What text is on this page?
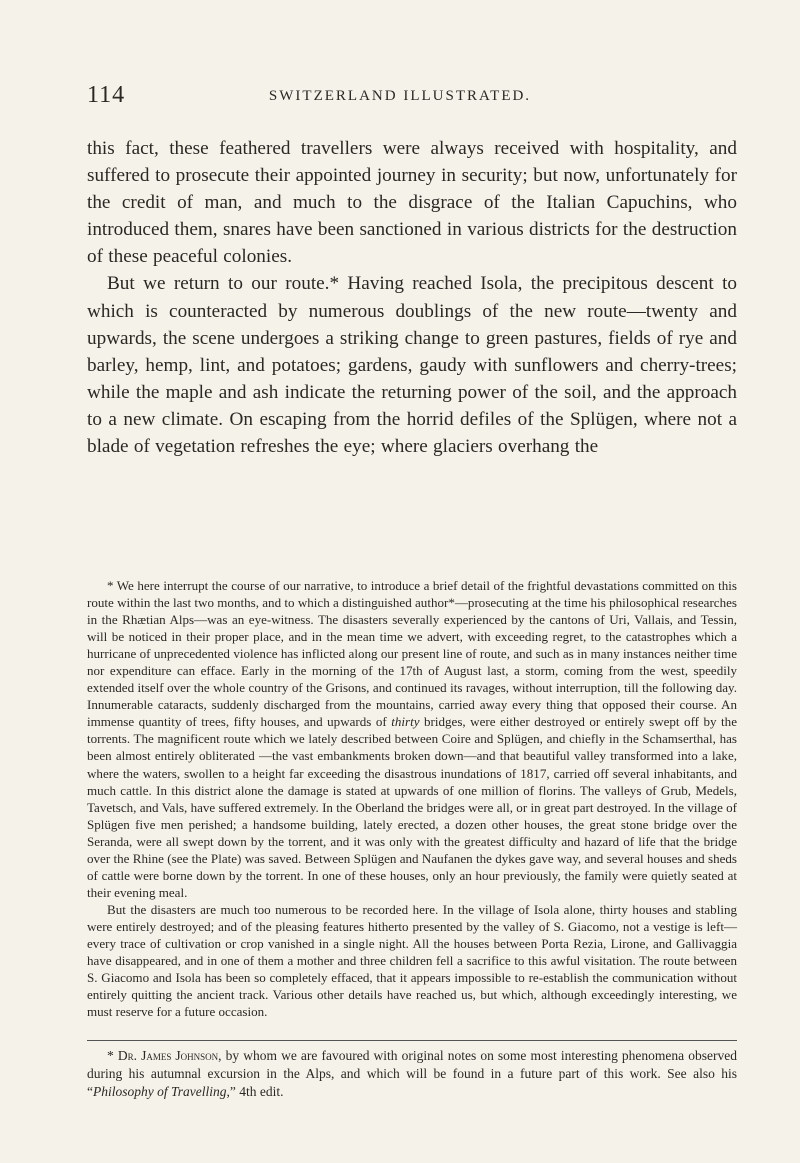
114	SWITZERLAND ILLUSTRATED.

this fact, these feathered travellers were always received with hospitality, and suffered to prosecute their appointed journey in security; but now, unfortunately for the credit of man, and much to the disgrace of the Italian Capuchins, who introduced them, snares have been sanctioned in various districts for the destruction of these peaceful colonies.

But we return to our route.* Having reached Isola, the precipitous descent to which is counteracted by numerous doublings of the new route—twenty and upwards, the scene undergoes a striking change to green pastures, fields of rye and barley, hemp, lint, and potatoes; gardens, gaudy with sunflowers and cherry-trees; while the maple and ash indicate the returning power of the soil, and the approach to a new climate. On escaping from the horrid defiles of the Splügen, where not a blade of vegetation refreshes the eye; where glaciers overhang the

* We here interrupt the course of our narrative, to introduce a brief detail of the frightful devastations committed on this route within the last two months, and to which a distinguished author*—prosecuting at the time his philosophical researches in the Rhætian Alps—was an eye-witness. The disasters severally experienced by the cantons of Uri, Vallais, and Tessin, will be noticed in their proper place, and in the mean time we advert, with exceeding regret, to the catastrophes which a hurricane of unprecedented violence has inflicted along our present line of route, and such as in many instances neither time nor expenditure can efface. Early in the morning of the 17th of August last, a storm, coming from the west, speedily extended itself over the whole country of the Grisons, and continued its ravages, without interruption, till the following day. Innumerable cataracts, suddenly discharged from the mountains, carried away every thing that opposed their course. An immense quantity of trees, fifty houses, and upwards of thirty bridges, were either destroyed or entirely swept off by the torrents. The magnificent route which we lately described between Coire and Splügen, and chiefly in the Schamserthal, has been almost entirely obliterated —the vast embankments broken down—and that beautiful valley transformed into a lake, where the waters, swollen to a height far exceeding the disastrous inundations of 1817, carried off several inhabitants, and much cattle. In this district alone the damage is stated at upwards of one million of florins. The valleys of Grub, Medels, Tavetsch, and Vals, have suffered extremely. In the Oberland the bridges were all, or in great part destroyed. In the village of Splügen five men perished; a handsome building, lately erected, a dozen other houses, the great stone bridge over the Seranda, were all swept down by the torrent, and it was only with the greatest difficulty and hazard of life that the bridge over the Rhine (see the Plate) was saved. Between Splügen and Naufanen the dykes gave way, and several houses and sheds of cattle were borne down by the torrent. In one of these houses, only an hour previously, the family were quietly seated at their evening meal.

But the disasters are much too numerous to be recorded here. In the village of Isola alone, thirty houses and stabling were entirely destroyed; and of the pleasing features hitherto presented by the valley of S. Giacomo, not a vestige is left—every trace of cultivation or crop vanished in a single night. All the houses between Porta Rezia, Lirone, and Gallivaggia have disappeared, and in one of them a mother and three children fell a sacrifice to this awful visitation. The route between S. Giacomo and Isola has been so completely effaced, that it appears impossible to re-establish the communication without entirely quitting the ancient track. Various other details have reached us, but which, although exceedingly interesting, we must reserve for a future occasion.

* Dr. James Johnson, by whom we are favoured with original notes on some most interesting phenomena observed during his autumnal excursion in the Alps, and which will be found in a future part of this work. See also his “Philosophy of Travelling,” 4th edit.
